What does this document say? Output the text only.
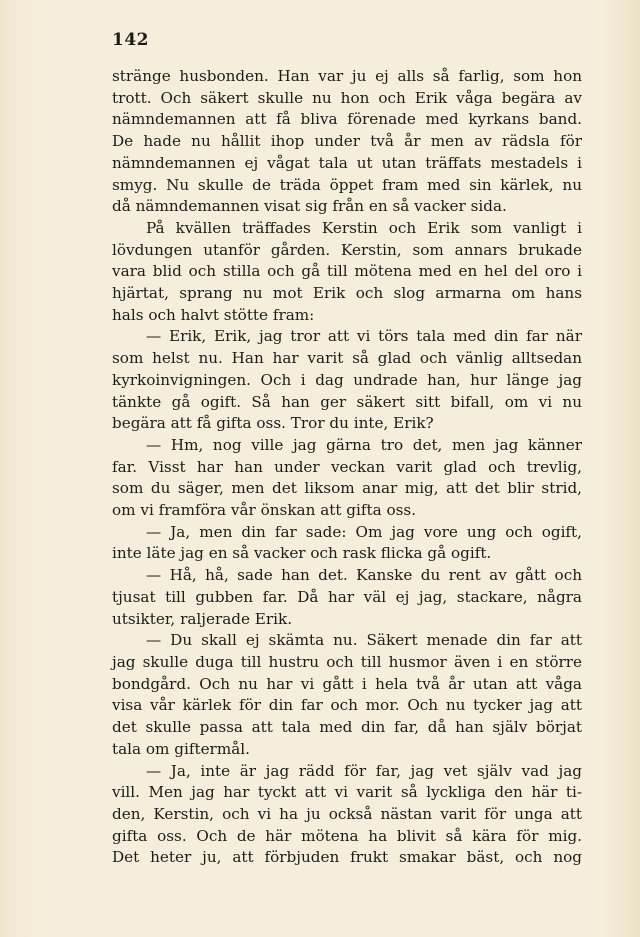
142
stränge husbonden. Han var ju ej alls så farlig, som hon
trott. Och säkert skulle nu hon och Erik våga begära av
nämndemannen att få bliva förenade med kyrkans band.
De hade nu hållit ihop under två år men av rädsla för
nämndemannen ej vågat tala ut utan träffats mestadels i
smyg. Nu skulle de träda öppet fram med sin kärlek, nu
då nämndemannen visat sig från en så vacker sida.
På kvällen träffades Kerstin och Erik som vanligt i
lövdungen utanför gården. Kerstin, som annars brukade
vara blid och stilla och gå till mötena med en hel del oro i
hjärtat, sprang nu mot Erik och slog armarna om hans
hals och halvt stötte fram:
— Erik, Erik, jag tror att vi törs tala med din far när
som helst nu. Han har varit så glad och vänlig alltsedan
kyrkoinvigningen. Och i dag undrade han, hur länge jag
tänkte gå ogift. Så han ger säkert sitt bifall, om vi nu
begära att få gifta oss. Tror du inte, Erik?
— Hm, nog ville jag gärna tro det, men jag känner
far. Visst har han under veckan varit glad och trevlig,
som du säger, men det liksom anar mig, att det blir strid,
om vi framföra vår önskan att gifta oss.
— Ja, men din far sade: Om jag vore ung och ogift,
inte läte jag en så vacker och rask flicka gå ogift.
— Hå, hå, sade han det. Kanske du rent av gått och
tjusat till gubben far. Då har väl ej jag, stackare, några
utsikter, raljerade Erik.
— Du skall ej skämta nu. Säkert menade din far att
jag skulle duga till hustru och till husmor även i en större
bondgård. Och nu har vi gått i hela två år utan att våga
visa vår kärlek för din far och mor. Och nu tycker jag att
det skulle passa att tala med din far, då han själv börjat
tala om giftermål.
— Ja, inte är jag rädd för far, jag vet själv vad jag
vill. Men jag har tyckt att vi varit så lyckliga den här ti-
den, Kerstin, och vi ha ju också nästan varit för unga att
gifta oss. Och de här mötena ha blivit så kära för mig.
Det heter ju, att förbjuden frukt smakar bäst, och nog
